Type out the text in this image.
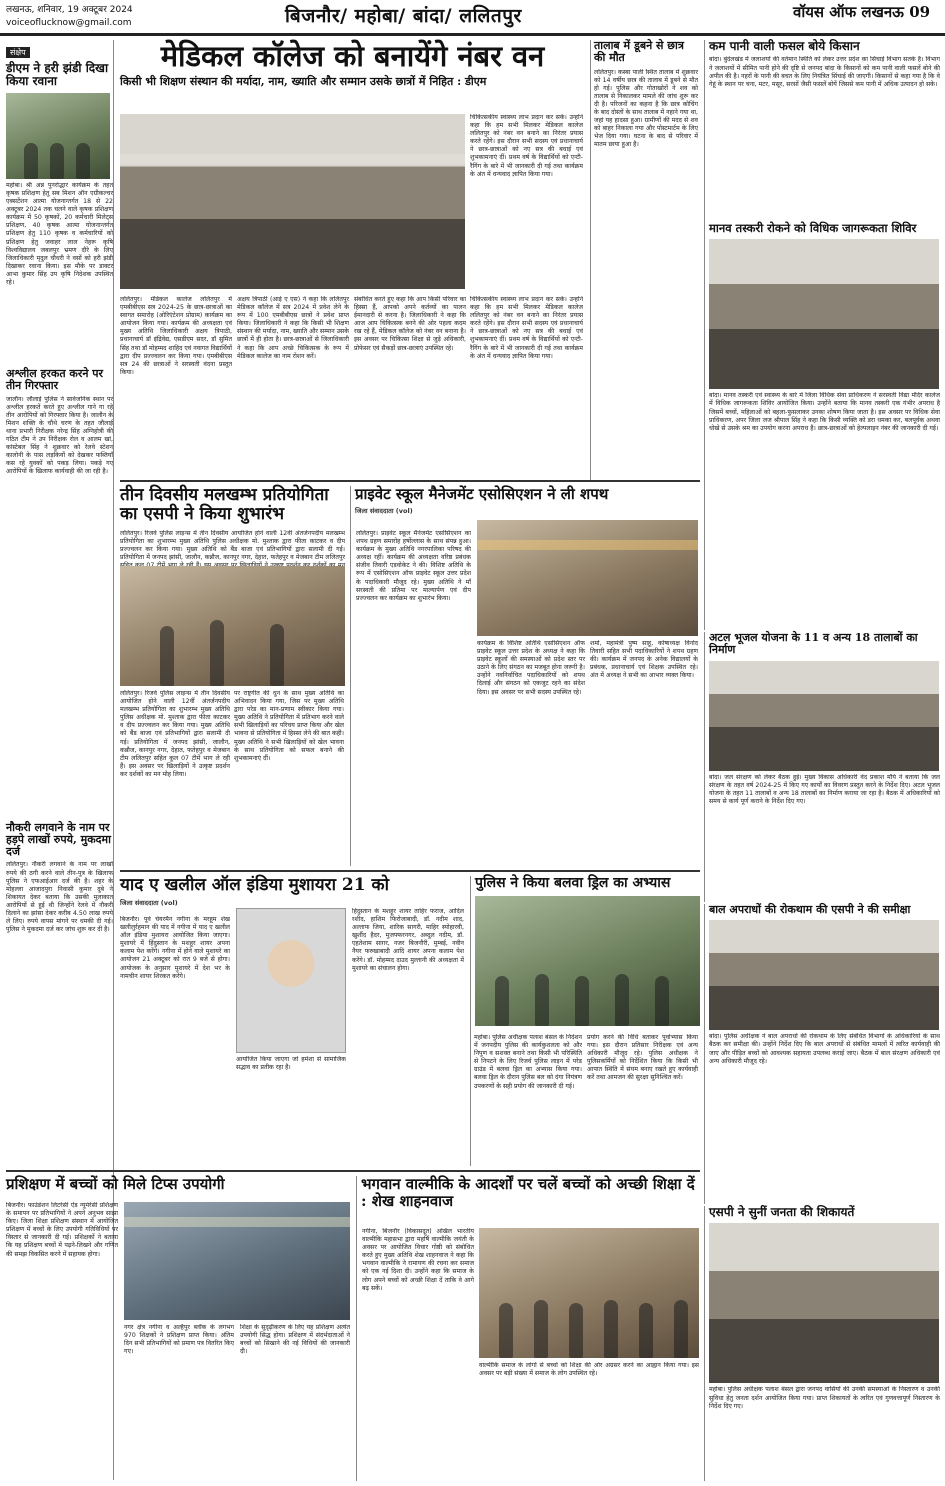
लखनऊ, शनिवार, 19 अक्टूबर 2024
voiceoflucknow@gmail.com	बिजनौर/ महोबा/ बांदा/ ललितपुर	वॉयस ऑफ लखनऊ 09
संक्षेप
डीएम ने हरी झंडी दिखा किया रवाना
महोबा। श्री अन्न पुनरोद्धार कार्यक्रम के तहत कृषक प्रशिक्षण हेतु सब मिशन ऑन एग्रीकल्चर एक्सटेंशन आत्मा योजनान्तर्गत 18 से 22 अक्टूबर 2024 तक चलने वाले कृषक प्रशिक्षण कार्यक्रम में 50 कृषकों, 20 कर्मचारी मिलेट्स प्रशिक्षण, 40 कृषक आत्मा योजनान्तर्गत प्रशिक्षण हेतु 110 कृषक व कर्मचारियों को प्रशिक्षण हेतु जवाहर लाल नेहरू कृषि विश्वविद्यालय जबलपुर भ्रमण दौरे के लिए जिलाधिकारी मृदुल चौधरी ने वसों को हरी झंडी दिखाकर रवाना किया। इस मौके पर डाक्टर आभा कुमार सिंह उप कृषि निदेशक उपस्थित रहे।
अश्लील हरकत करने पर तीन गिरफ्तार
जालौन। जौलाई पुलिस ने सार्वजनिक स्थान पर अश्लील हरकतें करते हुए अश्लील गाने गा रहे तीन आरोपियों को गिरफ्तार किया है। जालौन के मिशन शक्ति के चौथे चरण के तहत जौलाई थाना प्रभारी निरीक्षक नरेन्द्र सिंह अग्निहोत्री की गठित टीम ने उप निरीक्षक रोल व आलम खां, कांस्टेबल सिंह ने शुक्रवार को रेलवे स्टेशन कालोनी के पास लड़कियों को देखकर फब्तियाँ कस रहे युवकों को पकड़ लिया। पकड़े गए आरोपियों के खिलाफ कार्यवाही की जा रही है।
नौकरी लगवाने के नाम पर हड़पे लाखों रुपये, मुकदमा दर्ज
ललितपुर। नौकरी लगवाने के नाम पर लाखों रुपये की ठगी करने वाले तीन-पुत्र के खिलाफ पुलिस ने एफआईआर दर्ज की है। शहर के मोहल्ला आजादपुरा निवासी कुमार दुबे ने शिकायत देकर बताया कि उसकी मुलाकात आरोपियों से हुई थी जिन्होंने रेलवे में नौकरी दिलाने का झांसा देकर करीब 4.50 लाख रुपये ले लिए। रुपये वापस मांगने पर धमकी दी गई। पुलिस ने मुकदमा दर्ज कर जांच शुरू कर दी है।
मेडिकल कॉलेज को बनायेंगे नंबर वन
किसी भी शिक्षण संस्थान की मर्यादा, नाम, ख्याति और सम्मान उसके छात्रों में निहित : डीएम
चिकित्सकीय स्वास्थ्य लाभ प्रदान कर सकें। उन्होंने कहा कि हम सभी मिलकर मेडिकल कालेज ललितपुर को नंबर वन बनाने का निरंतर प्रयास करते रहेंगे। इस दौरान सभी सदस्य एवं प्रधानाचार्य ने छात्र-छात्राओं को नए सत्र की बधाई एवं शुभकामनाएं दीं। प्रथम वर्ष के विद्यार्थियों को एन्टी-रैगिंग के बारे में भी जानकारी दी गई तथा कार्यक्रम के अंत में धन्यवाद ज्ञापित किया गया।
ललितपुर। मेडिकल कालेज ललितपुर में एमबीबीएस सत्र 2024-25 के छात्र-छात्राओं का स्वागत समारोह (ओरिएंटेशन प्रोग्राम) कार्यक्रम का आयोजन किया गया। कार्यक्रम की अध्यक्षता एवं मुख्य अतिथि जिलाधिकारी अक्षय त्रिपाठी, प्रधानाचार्य डॉ इंद्रिवेद्य, एसडीएम सदर, डॉ सुमित सिंह तथा डॉ मोहम्मद शाहिद एवं नवागत विद्यार्थियों द्वारा दीप प्रज्ज्वलन कर किया गया। एमबीबीएस सत्र 24 की छात्राओं ने सरस्वती वंदना प्रस्तुत किया।
अक्षय त्रिपाठी (आई ए एस) ने कहा कि ललितपुर मेडिकल कॉलेज में सत्र 2024 में प्रवेश लेने के रूप में 100 एमबीबीएस छात्रों ने प्रवेश प्राप्त किया। जिलाधिकारी ने कहा कि किसी भी शिक्षण संस्थान की मर्यादा, नाम, ख्याति और सम्मान उसके छात्रों में ही होता है। छात्र-छात्राओं से जिलाधिकारी ने कहा कि आप अच्छे चिकित्सक के रूप में मेडिकल कालेज का नाम रोशन करें।
संबोधित करते हुए कहा कि आप किसी परिवार का हिस्सा हैं, आपको अपने कर्तव्यों का पालन ईमानदारी से करना है। जिलाधिकारी ने कहा कि आज आप चिकित्सक बनने की ओर पहला कदम रख रहे हैं, मेडिकल कॉलेज को नंबर वन बनाना है। इस अवसर पर चिकित्सा शिक्षा से जुड़े अधिकारी, प्रोफेसर एवं सैकड़ों छात्र-छात्राएं उपस्थित रहे।
चिकित्सकीय स्वास्थ्य लाभ प्रदान कर सकें। उन्होंने कहा कि हम सभी मिलकर मेडिकल कालेज ललितपुर को नंबर वन बनाने का निरंतर प्रयास करते रहेंगे। इस दौरान सभी सदस्य एवं प्रधानाचार्य ने छात्र-छात्राओं को नए सत्र की बधाई एवं शुभकामनाएं दीं। प्रथम वर्ष के विद्यार्थियों को एन्टी-रैगिंग के बारे में भी जानकारी दी गई तथा कार्यक्रम के अंत में धन्यवाद ज्ञापित किया गया।
तालाब में डूबने से छात्र की मौत
ललितपुर। कस्बा पाली स्थित तालाब में शुक्रवार को 14 वर्षीय छात्र की तालाब में डूबने से मौत हो गई। पुलिस और गोताखोरों ने शव को तालाब से निकालकर मामले की जांच शुरू कर दी है। परिजनों का कहना है कि छात्र कोचिंग के बाद दोस्तों के साथ तालाब में नहाने गया था, जहां यह हादसा हुआ। ग्रामीणों की मदद से शव को बाहर निकाला गया और पोस्टमार्टम के लिए भेज दिया गया। घटना के बाद से परिवार में मातम छाया हुआ है।
कम पानी वाली फसल बोये किसान
बांदा। बुंदेलखंड में जलाशयों की वर्तमान स्थिति को लेकर उत्तर प्रदेश का सिंचाई विभाग सतर्क है। विभाग ने जलाशयों में सीमित पानी होने की दृष्टि से जनपद बांदा के किसानों को कम पानी वाली फसलें बोने की अपील की है। नहरों के पानी की बचत के लिए नियंत्रित सिंचाई की जाएगी। किसानों से कहा गया है कि वे गेहूं के स्थान पर चना, मटर, मसूर, सरसों जैसी फसलें बोयें जिससे कम पानी में अधिक उत्पादन हो सके।
मानव तस्करी रोकने को विधिक जागरूकता शिविर
बांदा। मानव तस्करी एवं स्वास्थ्य के बारे में जिला विधिक सेवा प्राधिकरण ने सरस्वती विद्या मंदिर कालेज में विधिक जागरूकता शिविर आयोजित किया। उन्होंने बताया कि मानव तस्करी एक गंभीर अपराध है जिसमें बच्चों, महिलाओं को बहला-फुसलाकर उनका शोषण किया जाता है। इस अवसर पर विधिक सेवा प्राधिकरण, अपर जिला जज श्रीपाल सिंह ने कहा कि किसी व्यक्ति को डरा धमका कर, बलपूर्वक अथवा धोखे से उसके श्रम का उपयोग करना अपराध है। छात्र-छात्राओं को हेल्पलाइन नंबर की जानकारी दी गई।
तीन दिवसीय मलखम्भ प्रतियोगिता का एसपी ने किया शुभारंभ
ललितपुर। रिजर्व पुलिस लाइन्स में तीन दिवसीय आयोजित होने वाली 12वीं अंतर्जनपदीय मलखम्भ प्रतियोगिता का शुभारम्भ मुख्य अतिथि पुलिस अधीक्षक मो. मुश्ताक द्वारा फीता काटकर व दीप प्रज्ज्वलन कर किया गया। मुख्य अतिथि को बैंड बाजा एवं प्रतिभागियों द्वारा सलामी दी गई। प्रतियोगिता में जनपद झांसी, जालौन, कन्नौज, कानपुर नगर, देहात, फतेहपुर व मेजबान टीम ललितपुर
ललितपुर। रिजर्व पुलिस लाइन्स में तीन दिवसीय आयोजित होने वाली 12वीं अंतर्जनपदीय मलखम्भ प्रतियोगिता का शुभारम्भ मुख्य अतिथि पुलिस अधीक्षक मो. मुश्ताक द्वारा फीता काटकर व दीप प्रज्ज्वलन कर किया गया। मुख्य अतिथि को बैंड बाजा एवं प्रतिभागियों द्वारा सलामी दी गई। प्रतियोगिता में जनपद झांसी, जालौन, कन्नौज, कानपुर नगर, देहात, फतेहपुर व मेजबान टीम ललितपुर सहित कुल 07 टीमें भाग ले रही हैं। इस अवसर पर खिलाड़ियों ने उत्कृष्ट प्रदर्शन कर दर्शकों का मन मोह लिया।
पर राष्ट्रगीत की धुन के साथ मुख्य अतिथि का अभिवादन किया गया, जिस पर मुख्य अतिथि द्वारा परेड का मान-प्रणाम स्वीकार किया गया। मुख्य अतिथि ने प्रतियोगिता में प्रतिभाग करने वाले सभी खिलाड़ियों का परिचय प्राप्त किया और खेल भावना से प्रतियोगिता में हिस्सा लेने की बात कही। मुख्य अतिथि ने सभी खिलाड़ियों को खेल भावना के साथ प्रतियोगिता को सफल बनाने की शुभकामनाएं दीं।
प्राइवेट स्कूल मैनेजमेंट एसोसिएशन ने ली शपथ
जिला संवाददाता (vol)
ललितपुर। प्राइवेट स्कूल मैनेजमेंट एसोसिएशन का शपथ ग्रहण समारोह हर्षोल्लास के साथ संपन्न हुआ। कार्यक्रम के मुख्य अतिथि नगरपालिका परिषद की अध्यक्ष रहीं। कार्यक्रम की अध्यक्षता वरिष्ठ प्रबंधक संजीव तिवारी एडवोकेट ने की। विशिष्ट अतिथि के रूप में एसोसिएशन ऑफ प्राइवेट स्कूल उत्तर प्रदेश के पदाधिकारी मौजूद रहे। मुख्य अतिथि ने माँ सरस्वती की प्रतिमा पर माल्यार्पण एवं दीप प्रज्ज्वलन कर कार्यक्रम का शुभारंभ किया।
कार्यक्रम के विशिष्ट अतिथि एसोसिएशन ऑफ प्राइवेट स्कूल उत्तर प्रदेश के अध्यक्ष ने कहा कि प्राइवेट स्कूलों की समस्याओं को प्रदेश स्तर पर उठाने के लिए संगठन का मजबूत होना जरूरी है। उन्होंने नवनिर्वाचित पदाधिकारियों को शपथ दिलाई और संगठन को एकजुट रहने का संदेश दिया। इस अवसर पर सभी सदस्य उपस्थित रहे।
शर्मा, महामंत्री पुष्प साहू, कोषाध्यक्ष विनोद तिवारी सहित सभी पदाधिकारियों ने शपथ ग्रहण की। कार्यक्रम में जनपद के अनेक विद्यालयों के प्रबंधक, प्रधानाचार्य एवं शिक्षक उपस्थित रहे। अंत में अध्यक्ष ने सभी का आभार व्यक्त किया।
अटल भूजल योजना के 11 व अन्य 18 तालाबों का निर्माण
बांदा। जल संरक्षण को लेकर बैठक हुई। मुख्य विकास अधिकारी वेद प्रकाश मौर्य ने बताया कि जल संरक्षण के तहत वर्ष 2024-25 में किए गए कार्यों का विवरण प्रस्तुत करने के निर्देश दिए। अटल भूजल योजना के तहत 11 तालाबों व अन्य 18 तालाबों का निर्माण कराया जा रहा है। बैठक में अधिकारियों को समय से कार्य पूर्ण कराने के निर्देश दिए गए।
याद ए खलील ऑल इंडिया मुशायरा 21 को
जिला संवाददाता (vol)
बिजनौर। पूर्व चेयरमैन नगीना के मरहूम शेख खलीलुर्रहमान की याद में नगीना में याद ए खलील ऑल इंडिया मुशायरा आयोजित किया जाएगा। मुशायरे में हिंदुस्तान के मशहूर शायर अपना कलाम पेश करेंगे। नगीना में होने वाले मुशायरे का आयोजन 21 अक्टूबर को रात 9 बजे से होगा। आयोजक के अनुसार मुशायरे में देश भर के नामचीन शायर शिरकत करेंगे।
आयोजित किया जाएगा जो हमेशा से सामाजिक सद्भाव का प्रतीक रहा है।
हिंदुस्तान के मशहूर शायर ताहिर फराज, आदिल रशीद, हाशिम फिरोजाबादी, डॉ. नदीम शाद, अल्ताफ जिया, शारिक सागरी, माहिर स्योहारवी, खुर्शीद हैदर, मुजफ्फरनगर, अब्दुल नदीम, डॉ. एहतेशाम साग़र, नजर बिजनौरी, मुम्बई, नवीन नैयर फरुखाबादी आदि शायर अपना कलाम पेश करेंगे। डॉ. मोहम्मद दाउद मुल्तानी की अध्यक्षता में मुशायरे का संचालन होगा।
पुलिस ने किया बलवा ड्रिल का अभ्यास
महोबा। पुलिस अधीक्षक पलाश बंसल के निर्देशन में जनपदीय पुलिस की कार्यकुशलता को और निपुण व सशक्त बनाने तथा किसी भी परिस्थिति से निपटने के लिए रिजर्व पुलिस लाइन में परेड ग्राउंड में बलवा ड्रिल का अभ्यास किया गया। बलवा ड्रिल के दौरान पुलिस बल को दंगा नियंत्रण उपकरणों के सही प्रयोग की जानकारी दी गई।
प्रयोग करने की विधि बताकर पूर्वाभ्यास किया गया। इस दौरान प्रतिसार निरीक्षक एवं अन्य अधिकारी मौजूद रहे। पुलिस अधीक्षक ने पुलिसकर्मियों को निर्देशित किया कि किसी भी आपात स्थिति में संयम बनाए रखते हुए कार्यवाही करें तथा आमजन की सुरक्षा सुनिश्चित करें।
बाल अपराधों की रोकथाम की एसपी ने की समीक्षा
बांदा। पुलिस अधीक्षक ने बाल अपराधों की रोकथाम के लिए संबंधित विभागों के अधिकारियों के साथ बैठक कर समीक्षा की। उन्होंने निर्देश दिए कि बाल अपराधों से संबंधित मामलों में त्वरित कार्यवाही की जाए और पीड़ित बच्चों को आवश्यक सहायता उपलब्ध कराई जाए। बैठक में बाल संरक्षण अधिकारी एवं अन्य अधिकारी मौजूद रहे।
प्रशिक्षण में बच्चों को मिले टिप्स उपयोगी
बिजनौर। फाउंडेशन लिटरेसी ऐंड न्यूमेरेसी प्रशिक्षण के समापन पर प्रतिभागियों ने अपने अनुभव साझा किए। जिला शिक्षा प्रशिक्षण संस्थान में आयोजित प्रशिक्षण में बच्चों के लिए उपयोगी गतिविधियों पर विस्तार से जानकारी दी गई। प्रशिक्षकों ने बताया कि यह प्रशिक्षण बच्चों में पढ़ने-लिखने और गणित की समझ विकसित करने में सहायक होगा।
नगर क्षेत्र नगीना व अल्हैपुर ब्लॉक के लगभग 970 शिक्षकों ने प्रशिक्षण प्राप्त किया। अंतिम दिन सभी प्रतिभागियों को प्रमाण पत्र वितरित किए गए।
शिक्षा के सुदृढ़ीकरण के लिए यह प्रशिक्षण अत्यंत उपयोगी सिद्ध होगा। प्रशिक्षण में संदर्भदाताओं ने बच्चों को सिखाने की नई विधियों की जानकारी दी।
भगवान वाल्मीकि के आदर्शों पर चलें बच्चों को अच्छी शिक्षा दें : शेख शाहनवाज
नगीना, बिजनौर (विकासदूत) अखिल भारतीय वाल्मीकि महासभा द्वारा महर्षि वाल्मीकि जयंती के अवसर पर आयोजित विचार गोष्ठी को संबोधित करते हुए मुख्य अतिथि शेख शाहनवाज ने कहा कि भगवान वाल्मीकि ने रामायण की रचना कर समाज को एक नई दिशा दी। उन्होंने कहा कि समाज के लोग अपने बच्चों को अच्छी शिक्षा दें ताकि वे आगे बढ़ सकें।
वाल्मीकि समाज के लोगों से बच्चों को शिक्षा की ओर अग्रसर करने का आह्वान किया गया। इस अवसर पर बड़ी संख्या में समाज के लोग उपस्थित रहे।
एसपी ने सुनीं जनता की शिकायतें
महोबा। पुलिस अधीक्षक पलाश बंसल द्वारा जनपद वासियों की उनकी समस्याओं के निस्तारण व उनकी सुविधा हेतु जनता दर्शन आयोजित किया गया। प्राप्त शिकायतों के त्वरित एवं गुणवत्तापूर्ण निस्तारण के निर्देश दिए गए।
